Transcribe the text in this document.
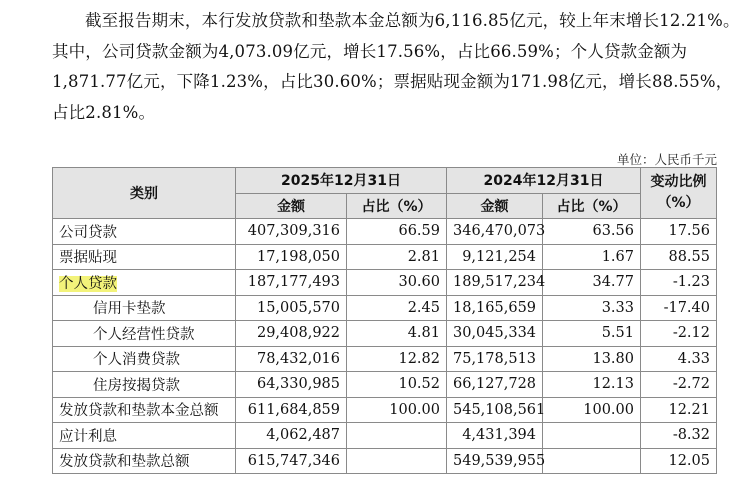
截至报告期末，本行发放贷款和垫款本金总额为6,116.85亿元，较上年末增长12.21%。其中，公司贷款金额为4,073.09亿元，增长17.56%，占比66.59%；个人贷款金额为1,871.77亿元，下降1.23%，占比30.60%；票据贴现金额为171.98亿元，增长88.55%，占比2.81%。

单位：人民币千元
类别	2025年12月31日		2024年12月31日		变动比例（%）
	金额	占比（%）	金额	占比（%）	
公司贷款	407,309,316	66.59	346,470,073	63.56	17.56
票据贴现	17,198,050	2.81	9,121,254	1.67	88.55
个人贷款	187,177,493	30.60	189,517,234	34.77	-1.23
信用卡垫款	15,005,570	2.45	18,165,659	3.33	-17.40
个人经营性贷款	29,408,922	4.81	30,045,334	5.51	-2.12
个人消费贷款	78,432,016	12.82	75,178,513	13.80	4.33
住房按揭贷款	64,330,985	10.52	66,127,728	12.13	-2.72
发放贷款和垫款本金总额	611,684,859	100.00	545,108,561	100.00	12.21
应计利息	4,062,487		4,431,394		-8.32
发放贷款和垫款总额	615,747,346		549,539,955		12.05
